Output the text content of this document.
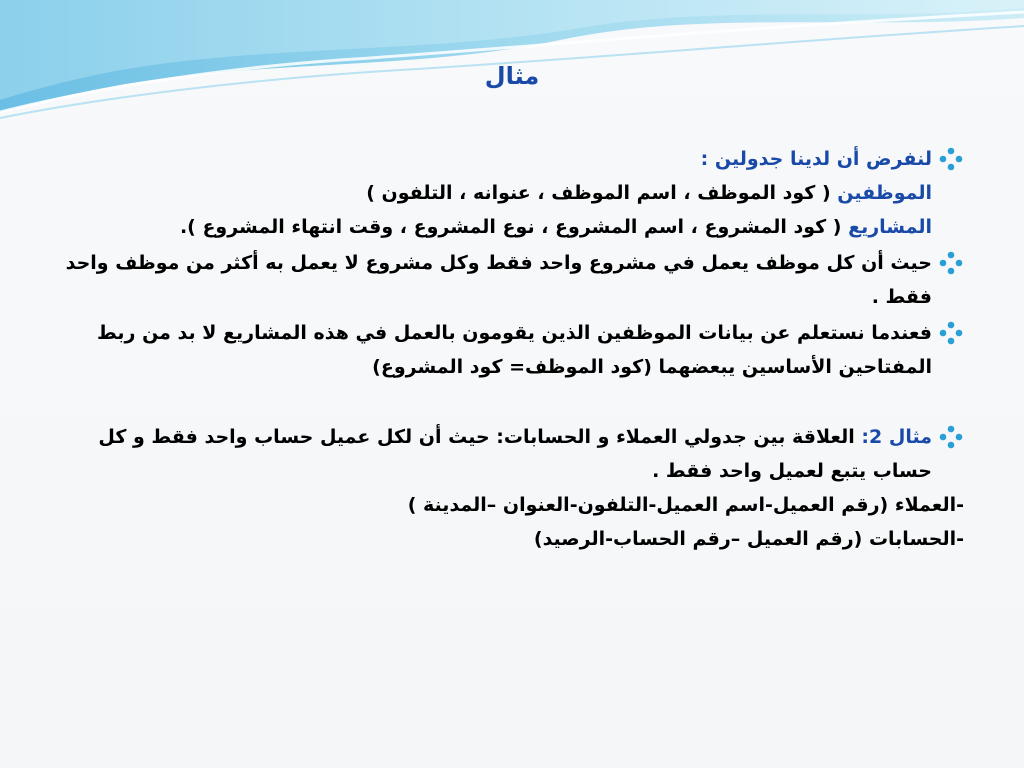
مثال
لنفرض أن لدينا جدولين :
الموظفين ( كود الموظف ، اسم الموظف ، عنوانه ، التلفون )
المشاريع ( كود المشروع ، اسم المشروع ، نوع المشروع ، وقت انتهاء المشروع ).
حيث أن كل موظف يعمل في مشروع واحد فقط وكل مشروع لا يعمل به أكثر من موظف واحد فقط .
فعندما نستعلم عن بيانات الموظفين الذين يقومون بالعمل في هذه المشاريع لا بد من ربط المفتاحين الأساسين يبعضهما (كود الموظف= كود المشروع)
مثال 2: العلاقة بين جدولي العملاء و الحسابات: حيث أن لكل عميل حساب واحد فقط و كل حساب يتبع لعميل واحد فقط .
-العملاء (رقم العميل-اسم العميل-التلفون-العنوان –المدينة )
-الحسابات (رقم العميل –رقم الحساب-الرصيد)
